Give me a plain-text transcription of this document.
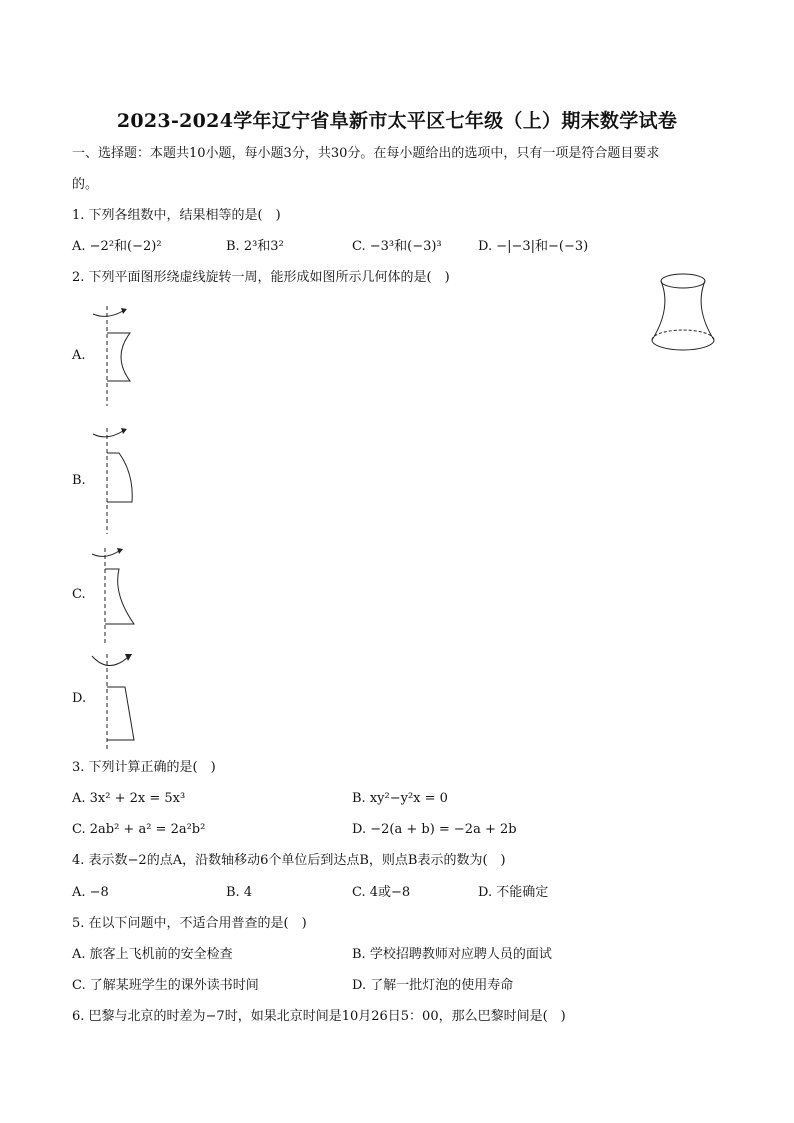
2023-2024学年辽宁省阜新市太平区七年级（上）期末数学试卷
一、选择题：本题共10小题，每小题3分，共30分。在每小题给出的选项中，只有一项是符合题目要求
的。
1. 下列各组数中，结果相等的是(　)
A. −2²和(−2)²	B. 2³和3²	C. −3³和(−3)³	D. −|−3|和−(−3)
2. 下列平面图形绕虚线旋转一周，能形成如图所示几何体的是(　)
A.
B.
C.
D.
3. 下列计算正确的是(　)
A. 3x² + 2x = 5x³	B. xy²−y²x = 0
C. 2ab² + a² = 2a²b²	D. −2(a + b) = −2a + 2b
4. 表示数−2的点A，沿数轴移动6个单位后到达点B，则点B表示的数为(　)
A. −8	B. 4	C. 4或−8	D. 不能确定
5. 在以下问题中，不适合用普查的是(　)
A. 旅客上飞机前的安全检查	B. 学校招聘教师对应聘人员的面试
C. 了解某班学生的课外读书时间	D. 了解一批灯泡的使用寿命
6. 巴黎与北京的时差为−7时，如果北京时间是10月26日5：00，那么巴黎时间是(　)
